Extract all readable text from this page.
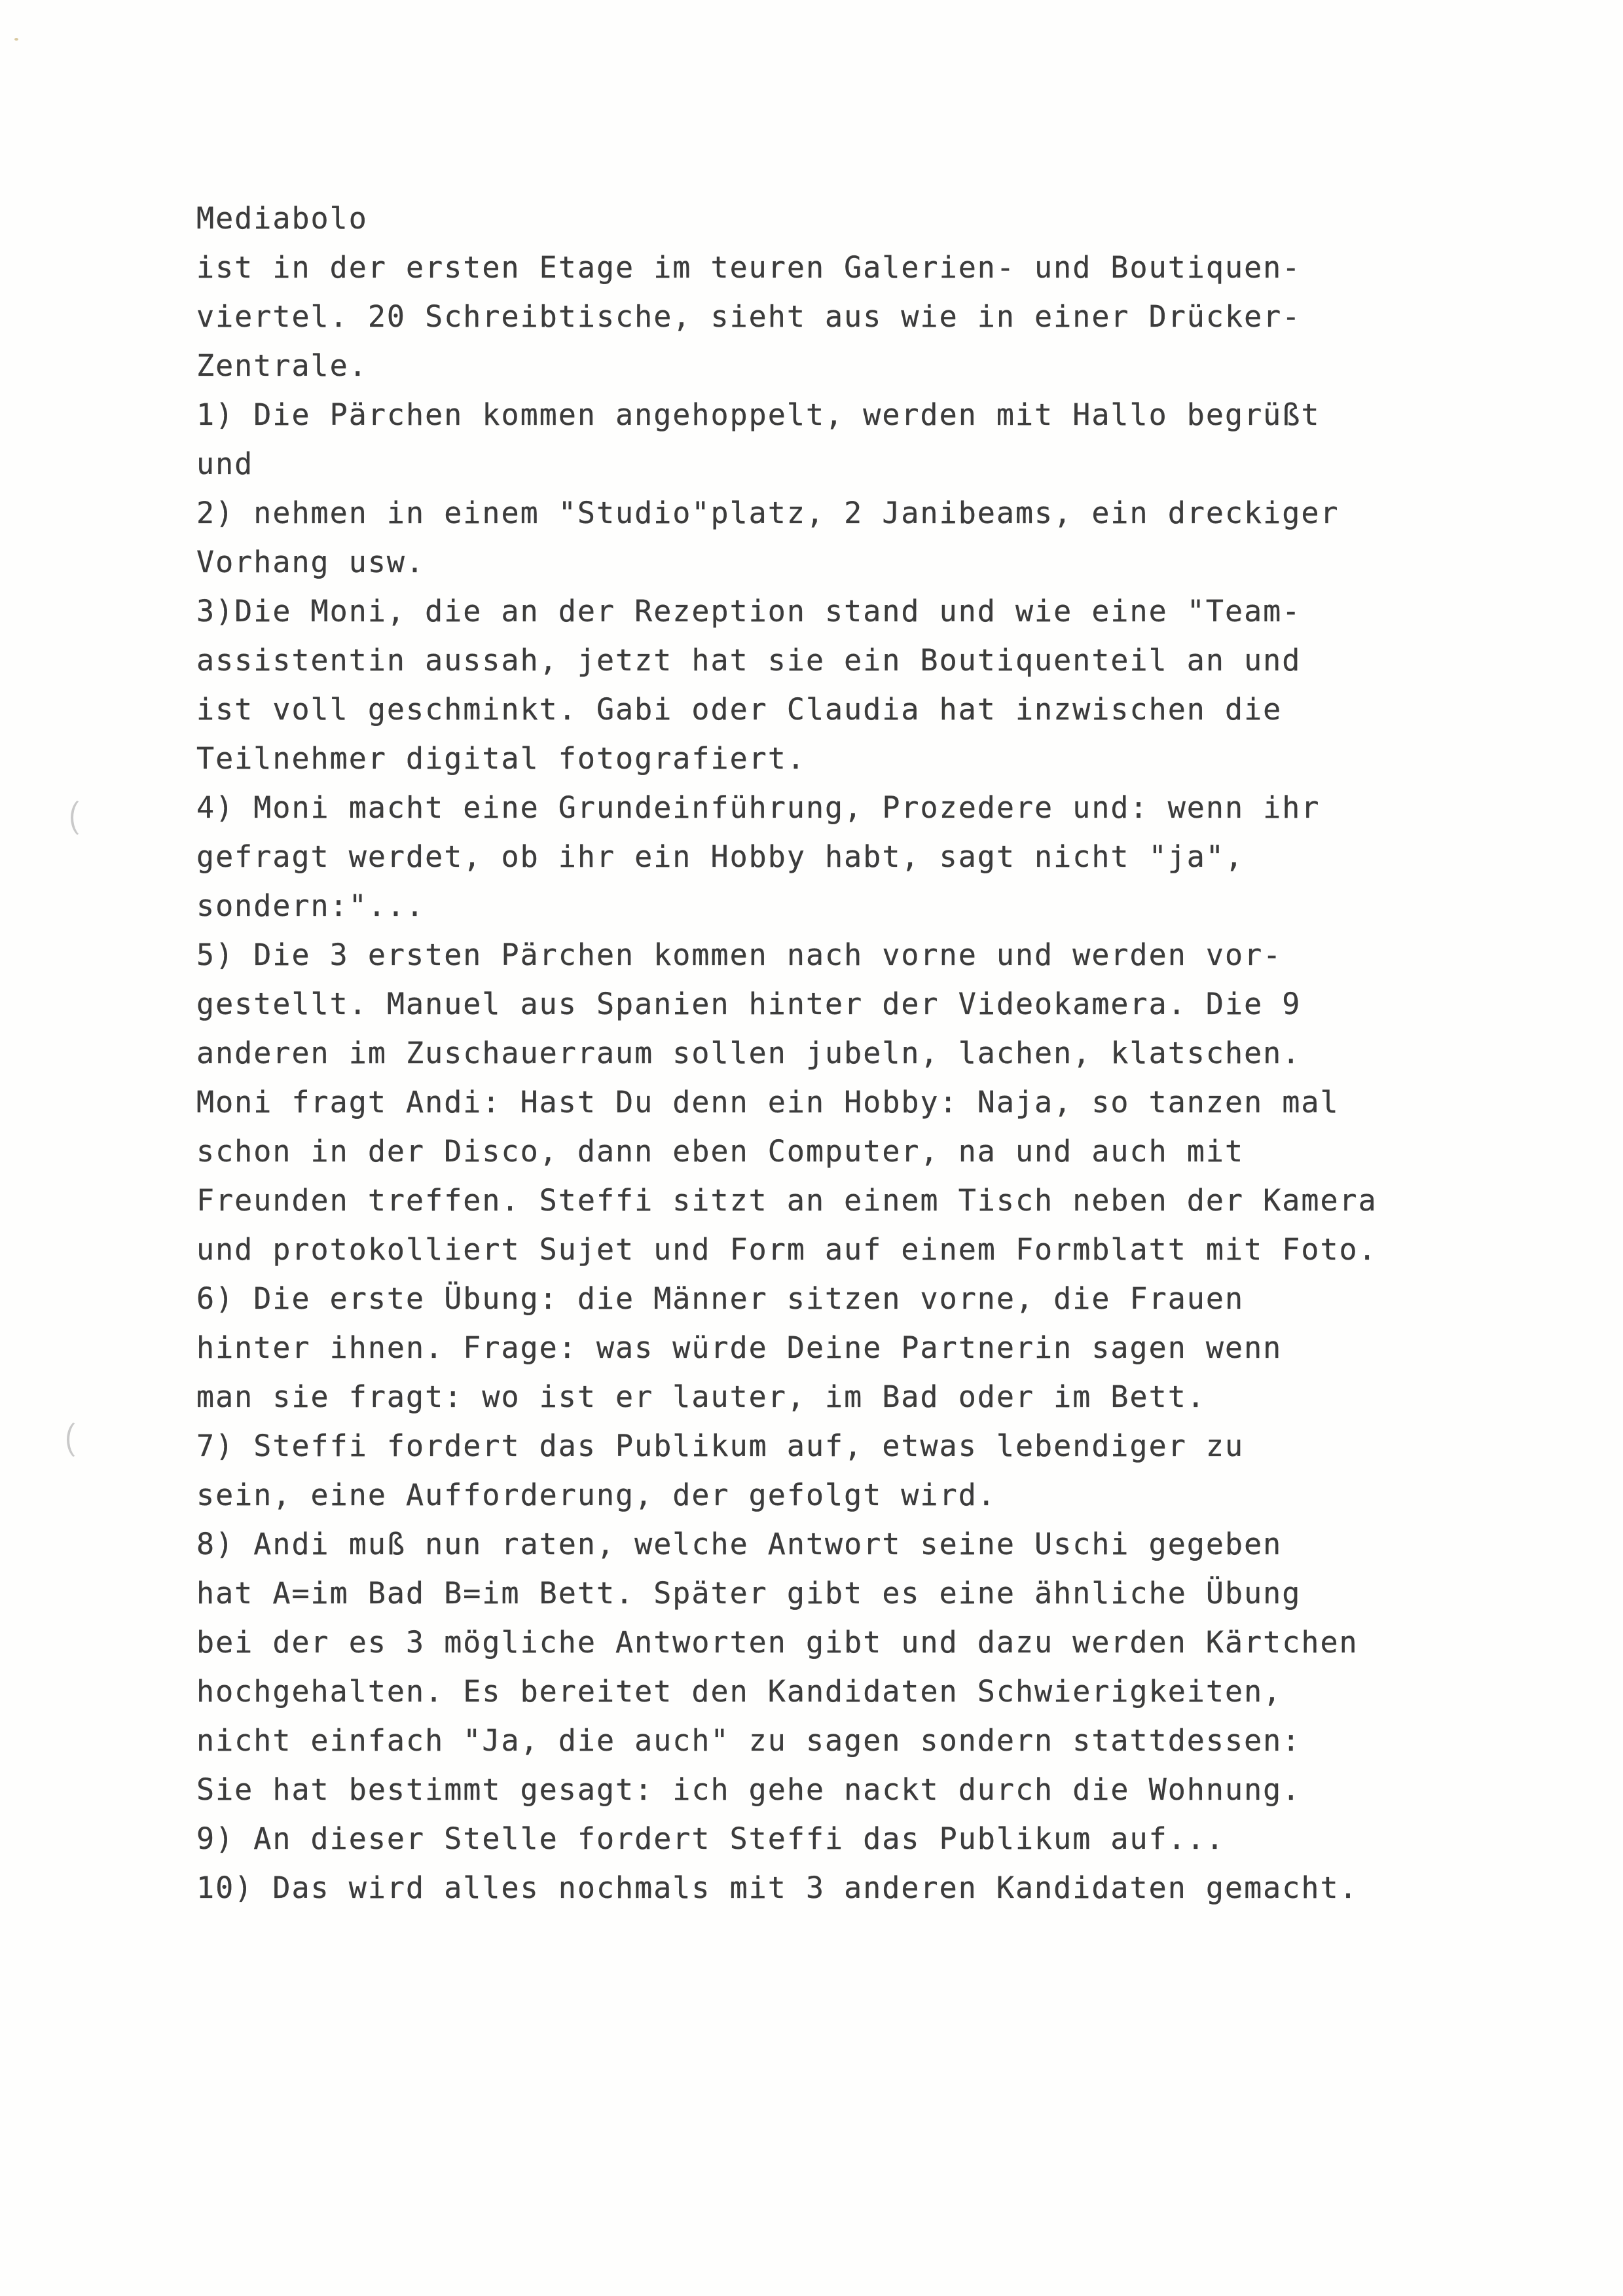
Mediabolo
ist in der ersten Etage im teuren Galerien- und Boutiquen-
viertel. 20 Schreibtische, sieht aus wie in einer Drücker-
Zentrale.
1) Die Pärchen kommen angehoppelt, werden mit Hallo begrüßt
und
2) nehmen in einem "Studio"platz, 2 Janibeams, ein dreckiger
Vorhang usw.
3)Die Moni, die an der Rezeption stand und wie eine "Team-
assistentin aussah, jetzt hat sie ein Boutiquenteil an und
ist voll geschminkt. Gabi oder Claudia hat inzwischen die
Teilnehmer digital fotografiert.
4) Moni macht eine Grundeinführung, Prozedere und: wenn ihr
gefragt werdet, ob ihr ein Hobby habt, sagt nicht "ja",
sondern:"...
5) Die 3 ersten Pärchen kommen nach vorne und werden vor-
gestellt. Manuel aus Spanien hinter der Videokamera. Die 9
anderen im Zuschauerraum sollen jubeln, lachen, klatschen.
Moni fragt Andi: Hast Du denn ein Hobby: Naja, so tanzen mal
schon in der Disco, dann eben Computer, na und auch mit
Freunden treffen. Steffi sitzt an einem Tisch neben der Kamera
und protokolliert Sujet und Form auf einem Formblatt mit Foto.
6) Die erste Übung: die Männer sitzen vorne, die Frauen
hinter ihnen. Frage: was würde Deine Partnerin sagen wenn
man sie fragt: wo ist er lauter, im Bad oder im Bett.
7) Steffi fordert das Publikum auf, etwas lebendiger zu
sein, eine Aufforderung, der gefolgt wird.
8) Andi muß nun raten, welche Antwort seine Uschi gegeben
hat A=im Bad B=im Bett. Später gibt es eine ähnliche Übung
bei der es 3 mögliche Antworten gibt und dazu werden Kärtchen
hochgehalten. Es bereitet den Kandidaten Schwierigkeiten,
nicht einfach "Ja, die auch" zu sagen sondern stattdessen:
Sie hat bestimmt gesagt: ich gehe nackt durch die Wohnung.
9) An dieser Stelle fordert Steffi das Publikum auf...
10) Das wird alles nochmals mit 3 anderen Kandidaten gemacht.
